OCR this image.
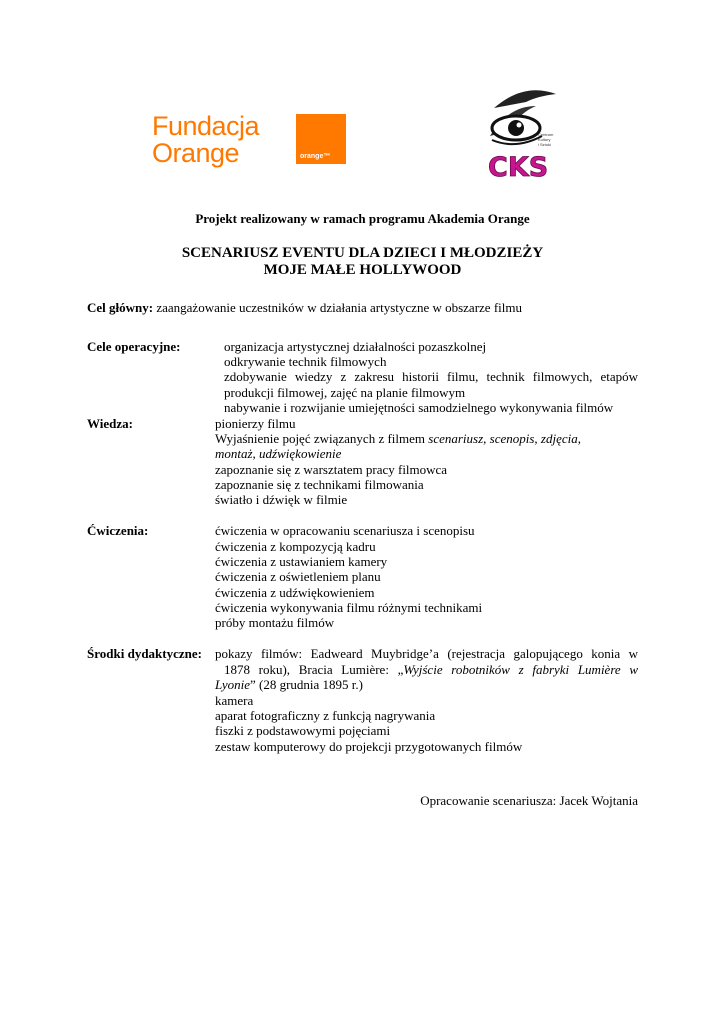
Fundacja
Orange	orange™	CKS
Centrum
Kultury
i Sztuki
Projekt realizowany w ramach programu Akademia Orange
SCENARIUSZ EVENTU DLA DZIECI I MŁODZIEŻY
MOJE MAŁE HOLLYWOOD
Cel główny: zaangażowanie uczestników w działania artystyczne w obszarze filmu
Cele operacyjne:	organizacja artystycznej działalności pozaszkolnej
odkrywanie technik filmowych
zdobywanie wiedzy z zakresu historii filmu, technik filmowych, etapów
produkcji filmowej, zajęć na planie filmowym
nabywanie i rozwijanie umiejętności samodzielnego wykonywania filmów
Wiedza:	pionierzy filmu
Wyjaśnienie pojęć związanych z filmem scenariusz, scenopis, zdjęcia,
montaż, udźwiękowienie
zapoznanie się z warsztatem pracy filmowca
zapoznanie się z technikami filmowania
światło i dźwięk w filmie
Ćwiczenia:	ćwiczenia w opracowaniu scenariusza i scenopisu
ćwiczenia z kompozycją kadru
ćwiczenia z ustawianiem kamery
ćwiczenia z oświetleniem planu
ćwiczenia z udźwiękowieniem
ćwiczenia wykonywania filmu różnymi technikami
próby montażu filmów
Środki dydaktyczne: pokazy filmów: Eadweard Muybridge’a (rejestracja galopującego konia w
1878 roku), Bracia Lumière: „Wyjście robotników z fabryki Lumière w
Lyonie” (28 grudnia 1895 r.)
kamera
aparat fotograficzny z funkcją nagrywania
fiszki z podstawowymi pojęciami
zestaw komputerowy do projekcji przygotowanych filmów
Opracowanie scenariusza: Jacek Wojtania
